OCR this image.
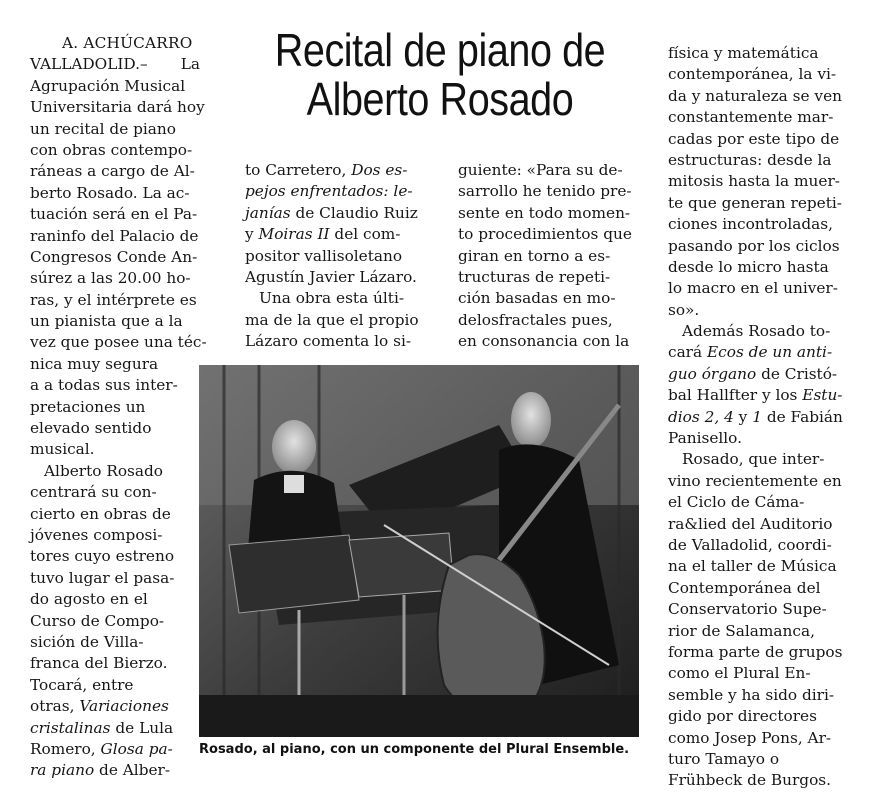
Recital de piano de
Alberto Rosado
A. ACHÚCARRO
VALLADOLID.– La
Agrupación Musical
Universitaria dará hoy
un recital de piano
con obras contempo-
ráneas a cargo de Al-
berto Rosado. La ac-
tuación será en el Pa-
raninfo del Palacio de
Congresos Conde An-
súrez a las 20.00 ho-
ras, y el intérprete es
un pianista que a la
vez que posee una téc-
nica muy segura
a a todas sus inter-
pretaciones un
elevado sentido
musical.
Alberto Rosado
centrará su con-
cierto en obras de
jóvenes composi-
tores cuyo estreno
tuvo lugar el pasa-
do agosto en el
Curso de Compo-
sición de Villa-
franca del Bierzo.
Tocará, entre
otras, Variaciones
cristalinas de Lula
Romero, Glosa pa-
ra piano de Alber-
to Carretero, Dos es-
pejos enfrentados: le-
janías de Claudio Ruiz
y Moiras II del com-
positor vallisoletano
Agustín Javier Lázaro.
Una obra esta últi-
ma de la que el propio
Lázaro comenta lo si-
guiente: «Para su de-
sarrollo he tenido pre-
sente en todo momen-
to procedimientos que
giran en torno a es-
tructuras de repeti-
ción basadas en mo-
delosfractales pues,
en consonancia con la
física y matemática
contemporánea, la vi-
da y naturaleza se ven
constantemente mar-
cadas por este tipo de
estructuras: desde la
mitosis hasta la muer-
te que generan repeti-
ciones incontroladas,
pasando por los ciclos
desde lo micro hasta
lo macro en el univer-
so».
Además Rosado to-
cará Ecos de un anti-
guo órgano de Cristó-
bal Hallfter y los Estu-
dios 2, 4 y 1 de Fabián
Panisello.
Rosado, que inter-
vino recientemente en
el Ciclo de Cáma-
ra&lied del Auditorio
de Valladolid, coordi-
na el taller de Música
Contemporánea del
Conservatorio Supe-
rior de Salamanca,
forma parte de grupos
como el Plural En-
semble y ha sido diri-
gido por directores
como Josep Pons, Ar-
turo Tamayo o
Frühbeck de Burgos.
Rosado, al piano, con un componente del Plural Ensemble.
